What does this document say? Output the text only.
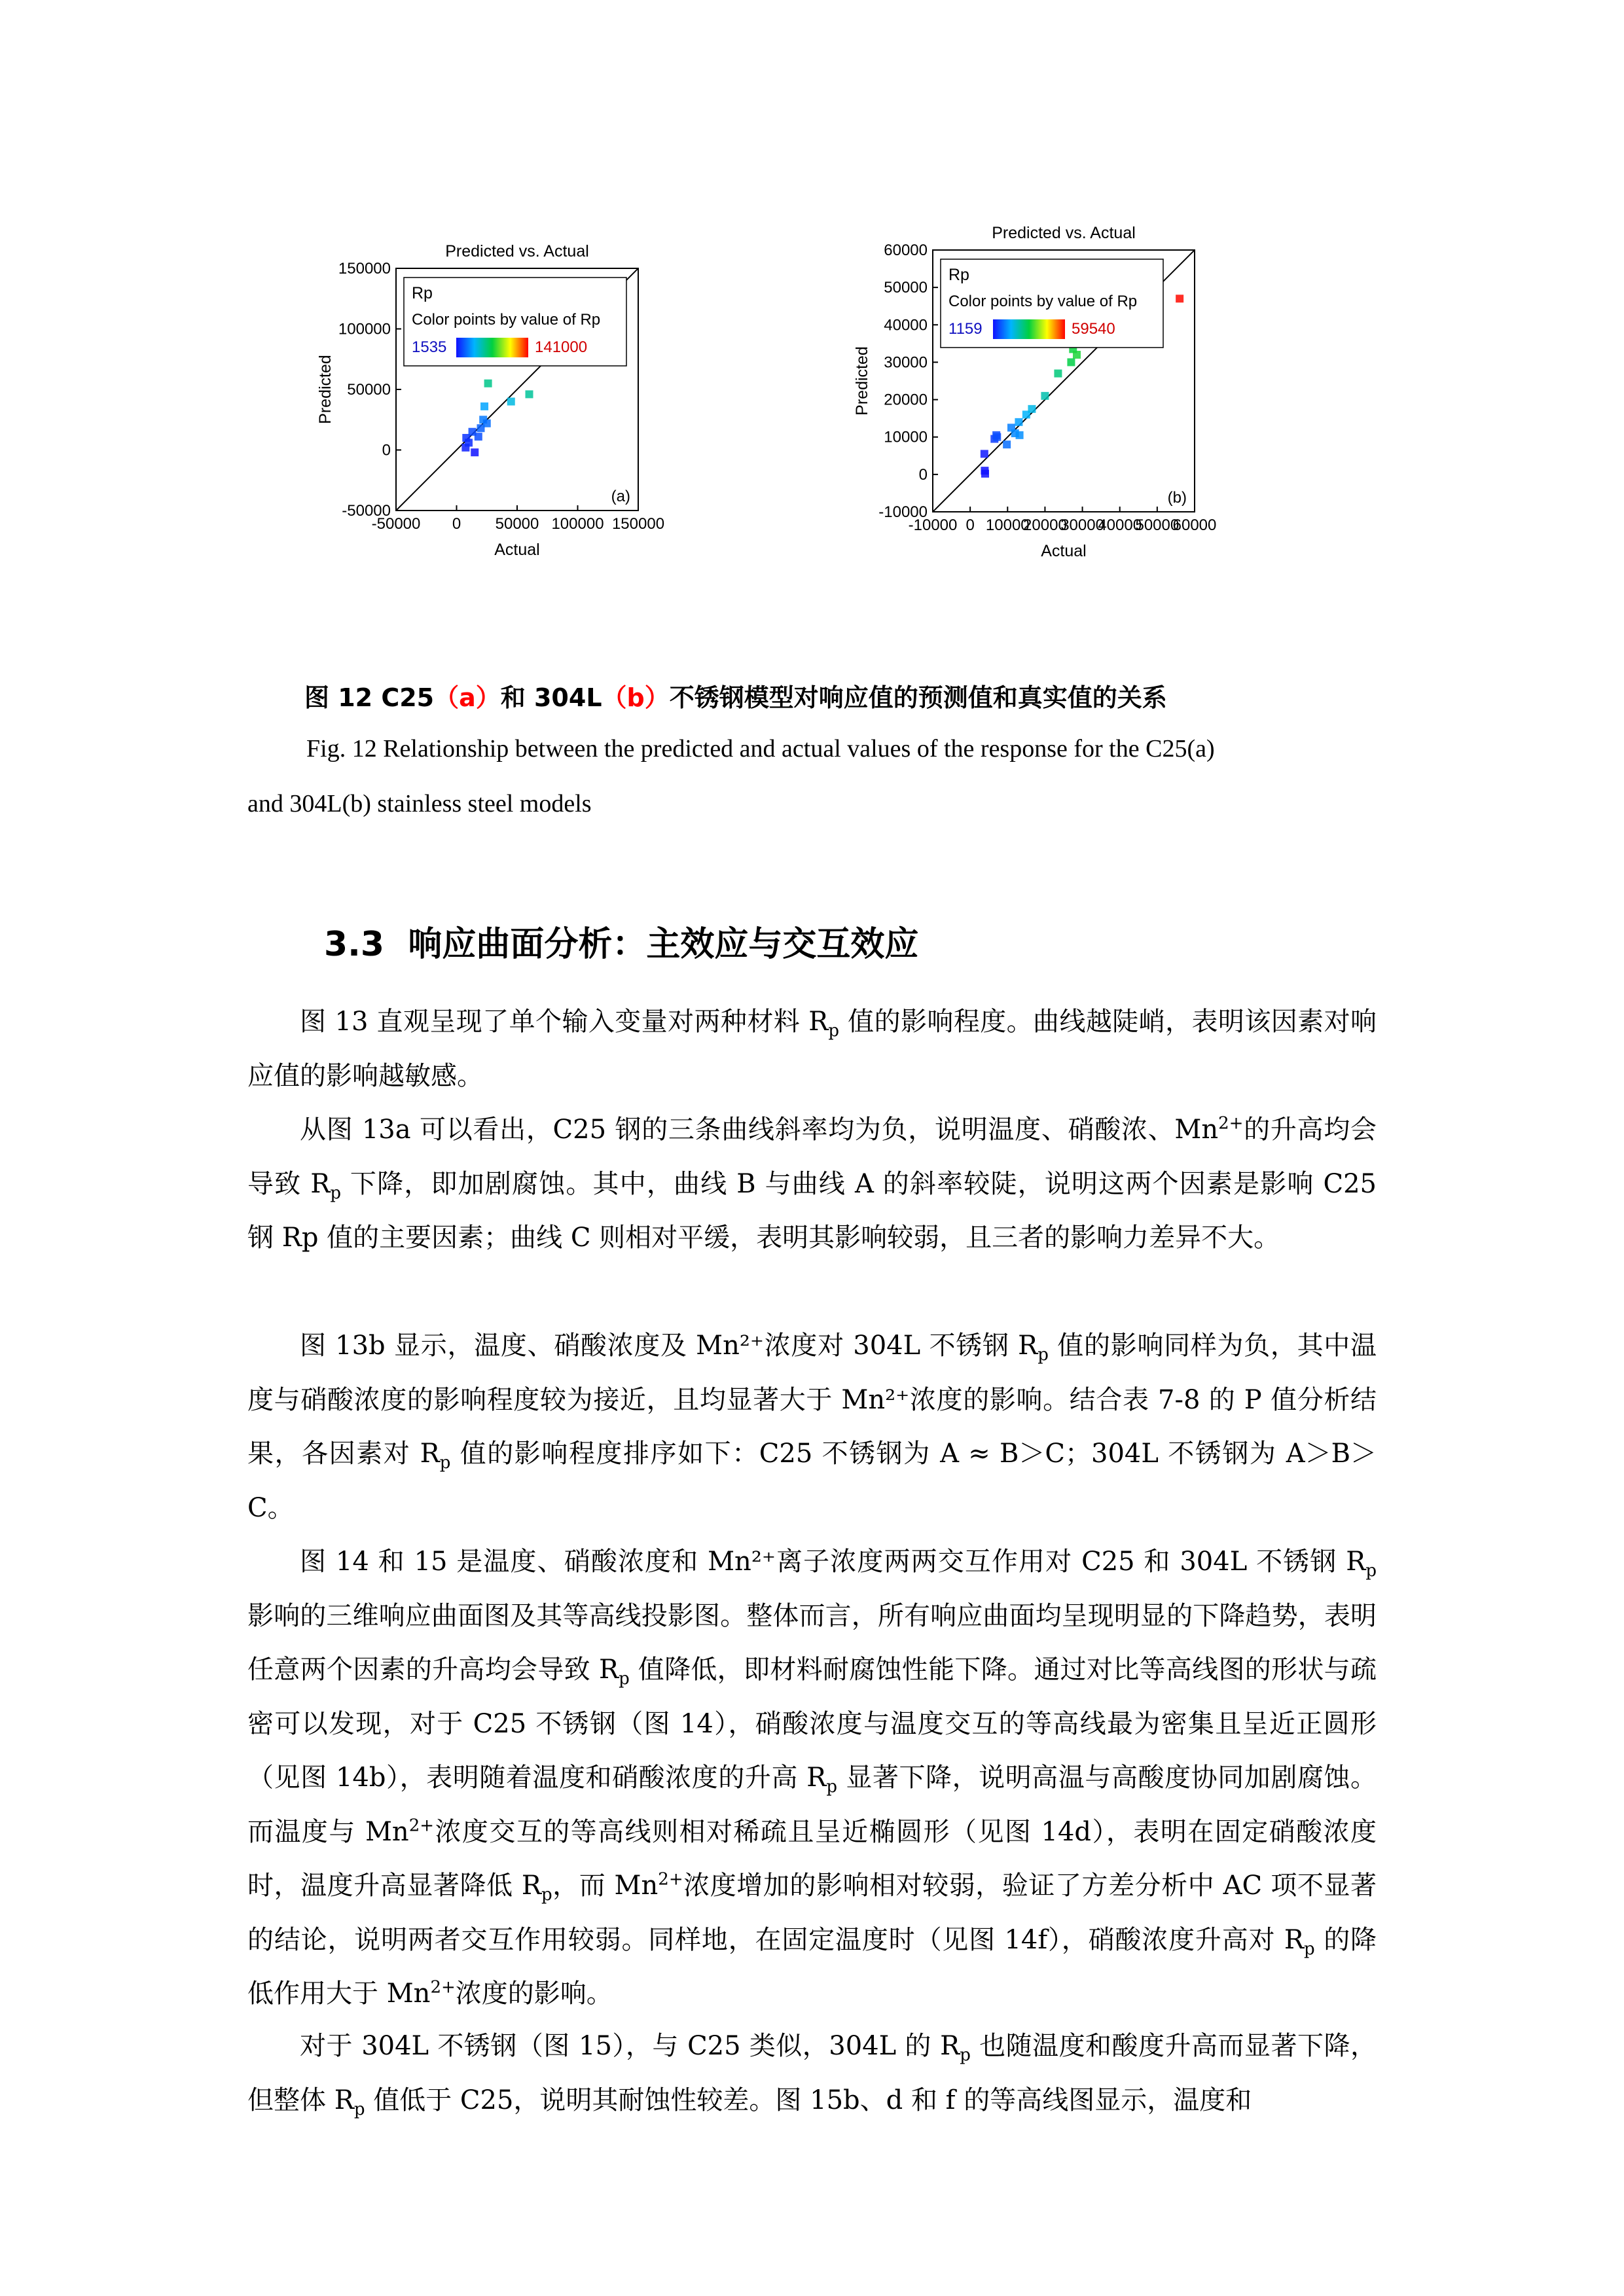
Predicted vs. Actual
-50000 0 50000 100000 150000
-50000
0
50000
100000
150000
Actual
Predicted
(a)
Rp
Color points by value of Rp
1535	141000
Predicted vs. Actual
-10000 0 10000
20000
30000
40000
50000
60000
-10000
0
10000
20000
30000
40000
50000
60000
Actual
Predicted
(b)
Rp
Color points by value of Rp
1159	59540
图 12 C25（a）和 304L（b）不锈钢模型对响应值的预测值和真实值的关系
Fig. 12 Relationship between the predicted and actual values of the response for the C25(a)
and 304L(b) stainless steel models
3.3 响应曲面分析：主效应与交互效应

图 13 直观呈现了单个输入变量对两种材料 $R_p$ 值的影响程度。曲线越陡峭，表明该因素对响应值的影响越敏感。

从图 13a 可以看出，C25 钢的三条曲线斜率均为负，说明温度、硝酸浓、$Mn^{2+}$的升高均会导致 $R_p$ 下降，即加剧腐蚀。其中，曲线 B 与曲线 A 的斜率较陡，说明这两个因素是影响 C25 钢 Rp 值的主要因素；曲线 C 则相对平缓，表明其影响较弱，且三者的影响力差异不大。

图 13b 显示，温度、硝酸浓度及 Mn²⁺浓度对 304L 不锈钢 $R_p$ 值的影响同样为负，其中温度与硝酸浓度的影响程度较为接近，且均显著大于 Mn²⁺浓度的影响。结合表 7-8 的 P 值分析结果，各因素对 $R_p$ 值的影响程度排序如下：C25 不锈钢为 A ≈ B＞C；304L 不锈钢为 A＞B＞C。

图 14 和 15 是温度、硝酸浓度和 Mn²⁺离子浓度两两交互作用对 C25 和 304L 不锈钢 $R_p$ 影响的三维响应曲面图及其等高线投影图。整体而言，所有响应曲面均呈现明显的下降趋势，表明任意两个因素的升高均会导致 $R_p$ 值降低，即材料耐腐蚀性能下降。通过对比等高线图的形状与疏密可以发现，对于 C25 不锈钢（图 14），硝酸浓度与温度交互的等高线最为密集且呈近正圆形（见图 14b），表明随着温度和硝酸浓度的升高 $R_p$ 显著下降，说明高温与高酸度协同加剧腐蚀。而温度与 $Mn^{2+}$浓度交互的等高线则相对稀疏且呈近椭圆形（见图 14d），表明在固定硝酸浓度时，温度升高显著降低 $R_p$，而 $Mn^{2+}$浓度增加的影响相对较弱，验证了方差分析中 AC 项不显著的结论，说明两者交互作用较弱。同样地，在固定温度时（见图 14f），硝酸浓度升高对 $R_p$ 的降低作用大于 $Mn^{2+}$浓度的影响。

对于 304L 不锈钢（图 15），与 C25 类似，304L 的 $R_p$ 也随温度和酸度升高而显著下降，但整体 $R_p$ 值低于 C25，说明其耐蚀性较差。图 15b、d 和 f 的等高线图显示，温度和
